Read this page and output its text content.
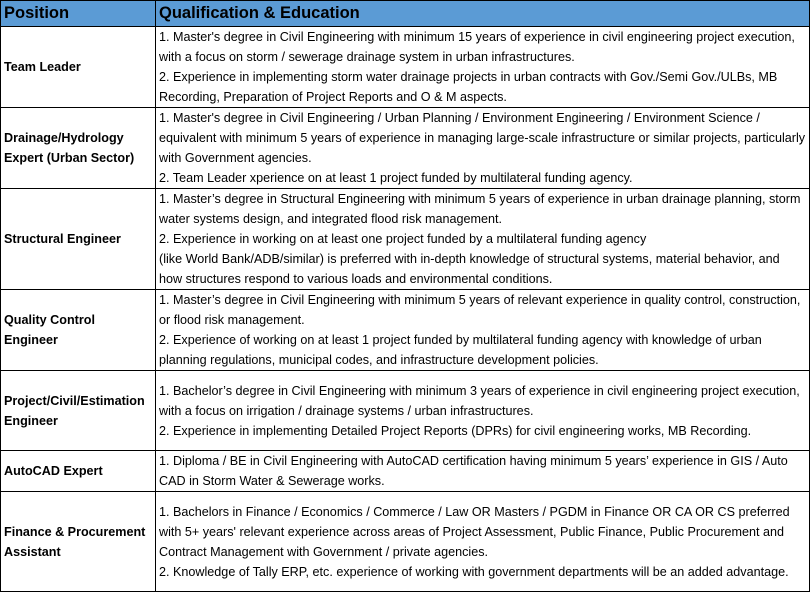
Position	Qualification & Education
Team Leader	1. Master's degree in Civil Engineering with minimum 15 years of experience in civil engineering project execution, with a focus on storm / sewerage drainage system in urban infrastructures.

2. Experience in implementing storm water drainage projects in urban contracts with Gov./Semi Gov./ULBs, MB Recording, Preparation of Project Reports and O & M aspects.

Drainage/Hydrology Expert (Urban Sector)	1. Master's degree in Civil Engineering / Urban Planning / Environment Engineering / Environment Science / equivalent with minimum 5 years of experience in managing large-scale infrastructure or similar projects, particularly with Government agencies.

2. Team Leader xperience on at least 1 project funded by multilateral funding agency.

Structural Engineer	1. Master’s degree in Structural Engineering with minimum 5 years of experience in urban drainage planning, storm water systems design, and integrated flood risk management.

2. Experience in working on at least one project funded by a multilateral funding agency

(like World Bank/ADB/similar) is preferred with in-depth knowledge of structural systems, material behavior, and how structures respond to various loads and environmental conditions.

Quality Control Engineer	1. Master’s degree in Civil Engineering with minimum 5 years of relevant experience in quality control, construction, or flood risk management.

2. Experience of working on at least 1 project funded by multilateral funding agency with knowledge of urban planning regulations, municipal codes, and infrastructure development policies.

Project/Civil/Estimation Engineer	1. Bachelor’s degree in Civil Engineering with minimum 3 years of experience in civil engineering project execution, with a focus on irrigation / drainage systems / urban infrastructures.

2. Experience in implementing Detailed Project Reports (DPRs) for civil engineering works, MB Recording.

AutoCAD Expert	1. Diploma / BE in Civil Engineering with AutoCAD certification having minimum 5 years’ experience in GIS / Auto CAD in Storm Water & Sewerage works.

Finance & Procurement Assistant	1. Bachelors in Finance / Economics / Commerce / Law OR Masters / PGDM in Finance OR CA OR CS preferred with 5+ years' relevant experience across areas of Project Assessment, Public Finance, Public Procurement and Contract Management with Government / private agencies.

2. Knowledge of Tally ERP, etc. experience of working with government departments will be an added advantage.
